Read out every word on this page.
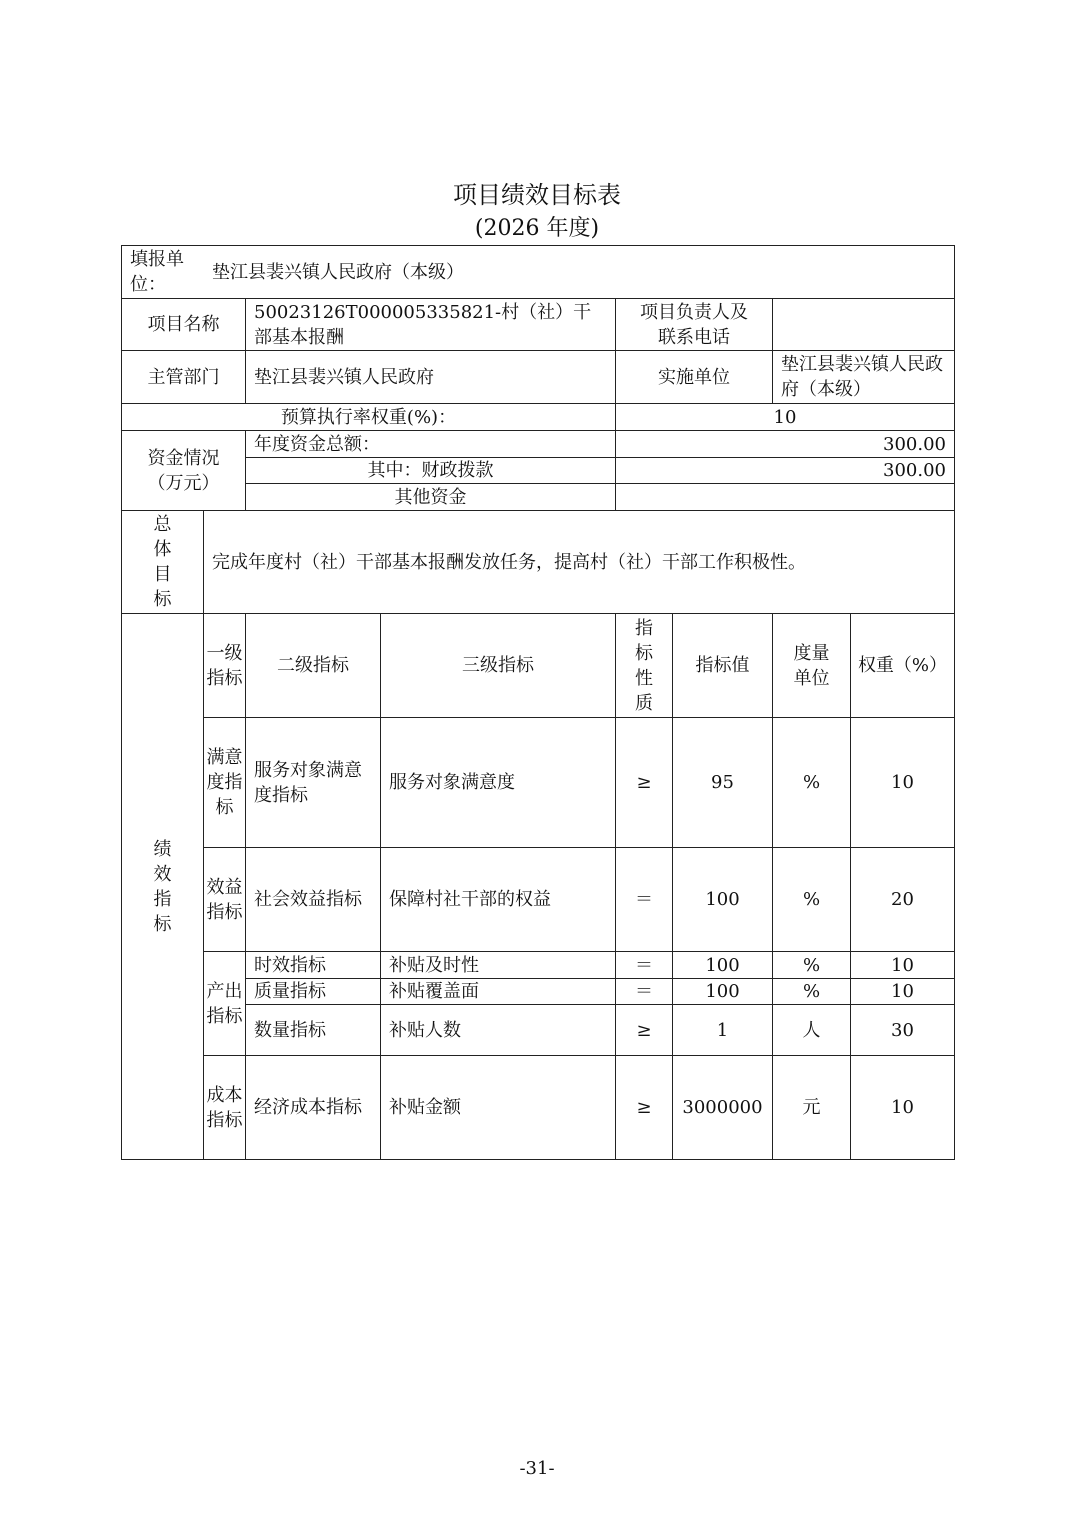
项目绩效目标表
(2026 年度)
填报单位：
垫江县裴兴镇人民政府（本级）							

项目名称		50023126T000005335821-村（社）干部基本报酬		项目负责人及联系电话			
主管部门		垫江县裴兴镇人民政府		实施单位		垫江县裴兴镇人民政府（本级）	
预算执行率权重(%)：				10			
资金情况（万元）		年度资金总额：		300.00			
		其中：财政拨款		300.00			
		其他资金					
总体目标	完成年度村（社）干部基本报酬发放任务，提高村（社）干部工作积极性。						
绩效指标	一级指标	二级指标	三级指标	指标性质	指标值	度量单位	权重（%）
	满意度指标	服务对象满意度指标	服务对象满意度	≥	95	%	10
	效益指标	社会效益指标	保障村社干部的权益	＝	100	%	20
	产出指标	时效指标	补贴及时性	＝	100	%	10
		质量指标	补贴覆盖面	＝	100	%	10
		数量指标	补贴人数	≥	1	人	30
	成本指标	经济成本指标	补贴金额	≥	3000000	元	10
-31-
